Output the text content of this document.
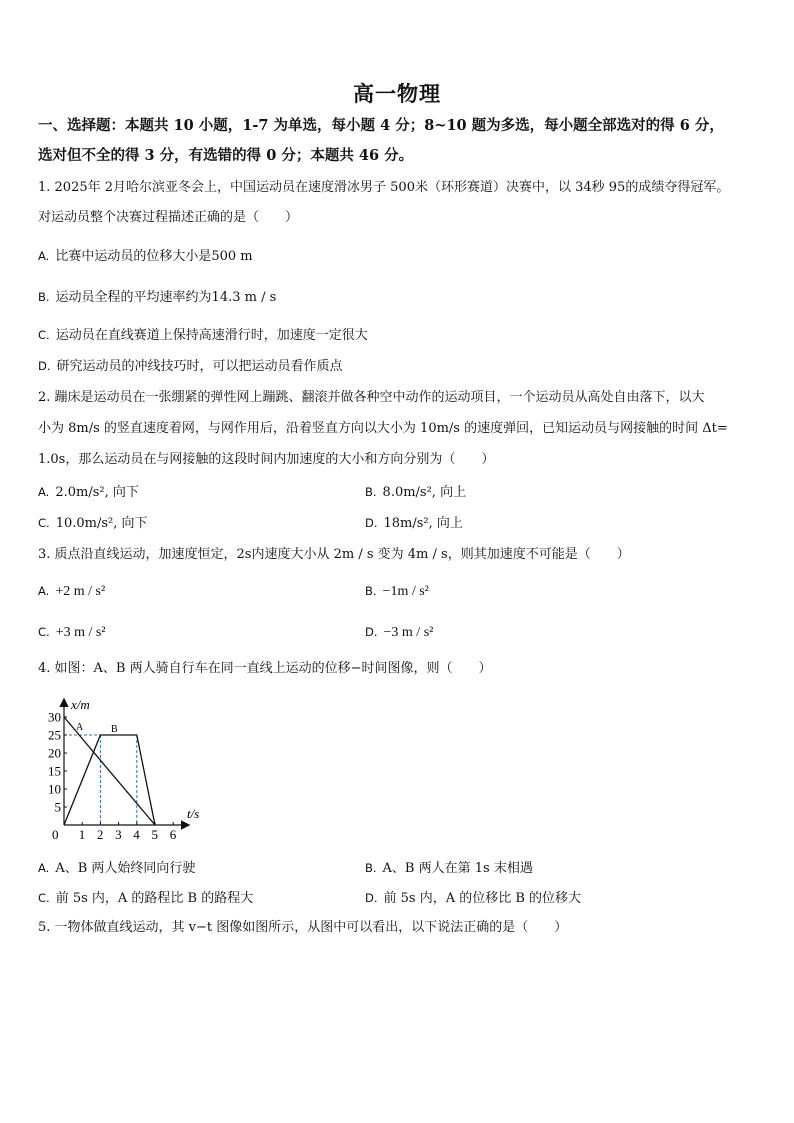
高一物理
一、选择题：本题共 10 小题，1-7 为单选，每小题 4 分；8~10 题为多选，每小题全部选对的得 6 分，
选对但不全的得 3 分，有选错的得 0 分；本题共 46 分。
1. 2025年 2月哈尔滨亚冬会上，中国运动员在速度滑冰男子 500米（环形赛道）决赛中，以 34秒 95的成绩夺得冠军。
对运动员整个决赛过程描述正确的是（　　）
A. 比赛中运动员的位移大小是500 m
B. 运动员全程的平均速率约为14.3 m / s
C. 运动员在直线赛道上保持高速滑行时，加速度一定很大
D. 研究运动员的冲线技巧时，可以把运动员看作质点
2. 蹦床是运动员在一张绷紧的弹性网上蹦跳、翻滚并做各种空中动作的运动项目，一个运动员从高处自由落下，以大
小为 8m/s 的竖直速度着网，与网作用后，沿着竖直方向以大小为 10m/s 的速度弹回，已知运动员与网接触的时间 Δt=
1.0s，那么运动员在与网接触的这段时间内加速度的大小和方向分别为（　　）
A. 2.0m/s², 向下	B. 8.0m/s², 向上
C. 10.0m/s², 向下	D. 18m/s², 向上
3. 质点沿直线运动，加速度恒定，2s内速度大小从 2m / s 变为 4m / s，则其加速度不可能是（　　）
A. +2 m / s²	B. −1m / s²
C. +3 m / s²	D. −3 m / s²
4. 如图：A、B 两人骑自行车在同一直线上运动的位移−时间图像，则（　　）
0 1 2 3 4 5 6
5
10
15
20
25
30
x/m
t/s
A	B
A. A、B 两人始终同向行驶	B. A、B 两人在第 1s 末相遇
C. 前 5s 内，A 的路程比 B 的路程大	D. 前 5s 内，A 的位移比 B 的位移大
5. 一物体做直线运动，其 v−t 图像如图所示，从图中可以看出，以下说法正确的是（　　）
